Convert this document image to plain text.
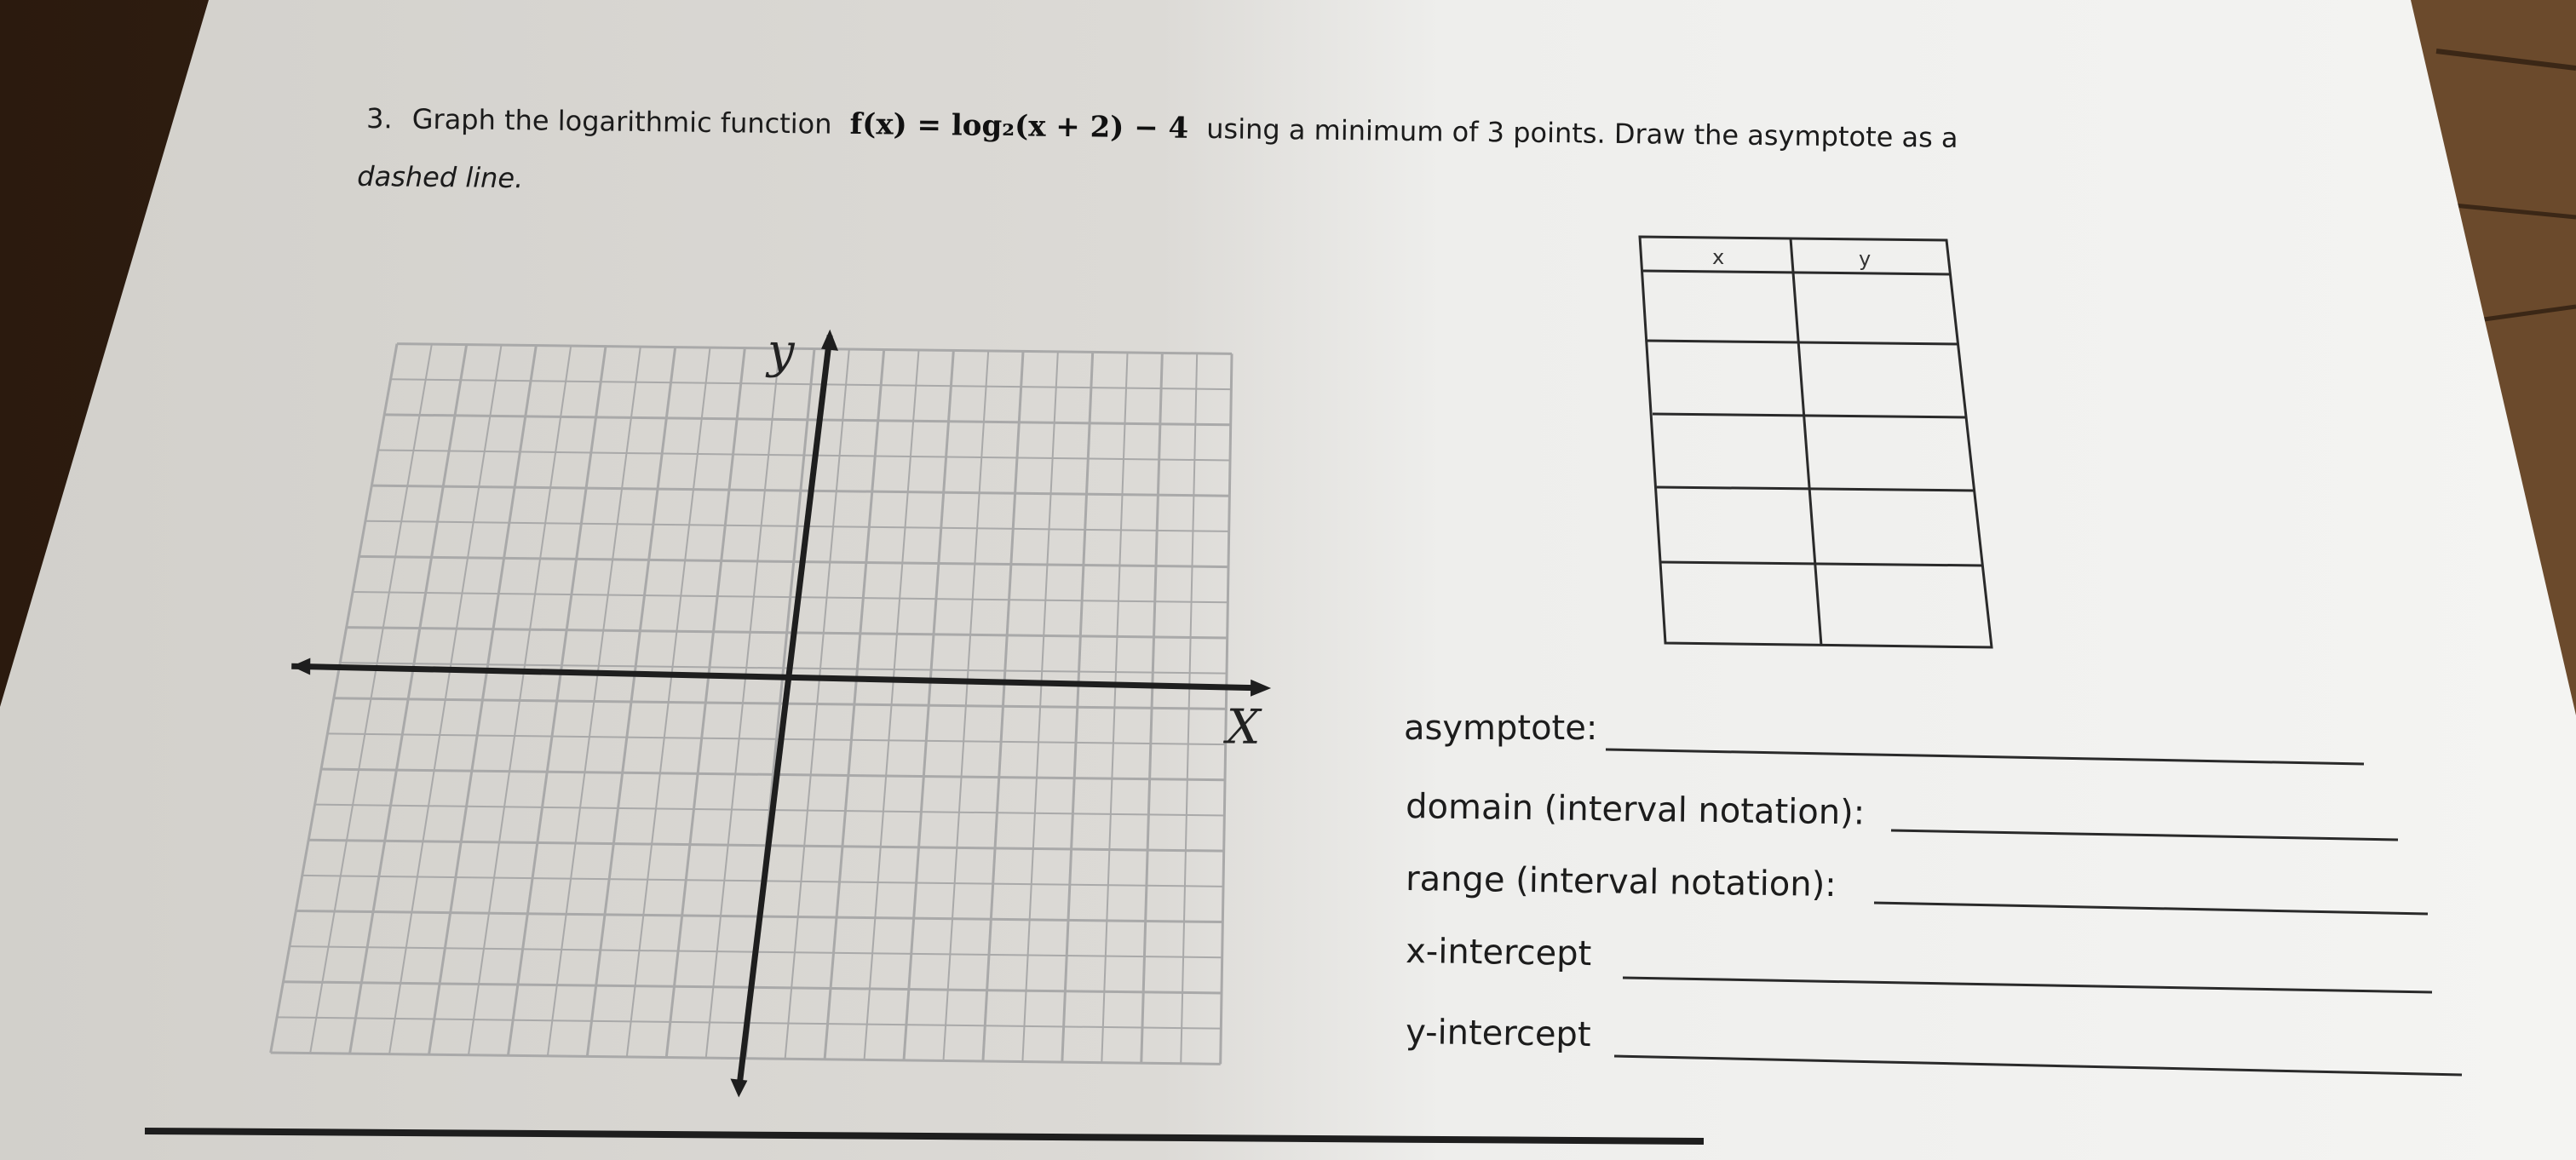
3. Graph the logarithmic function f(x) = log₂(x + 2) − 4 using a minimum of 3 points. Draw the asymptote as a
dashed line.
y
X
x	y
asymptote:
domain (interval notation):
range (interval notation):
x-intercept
y-intercept
